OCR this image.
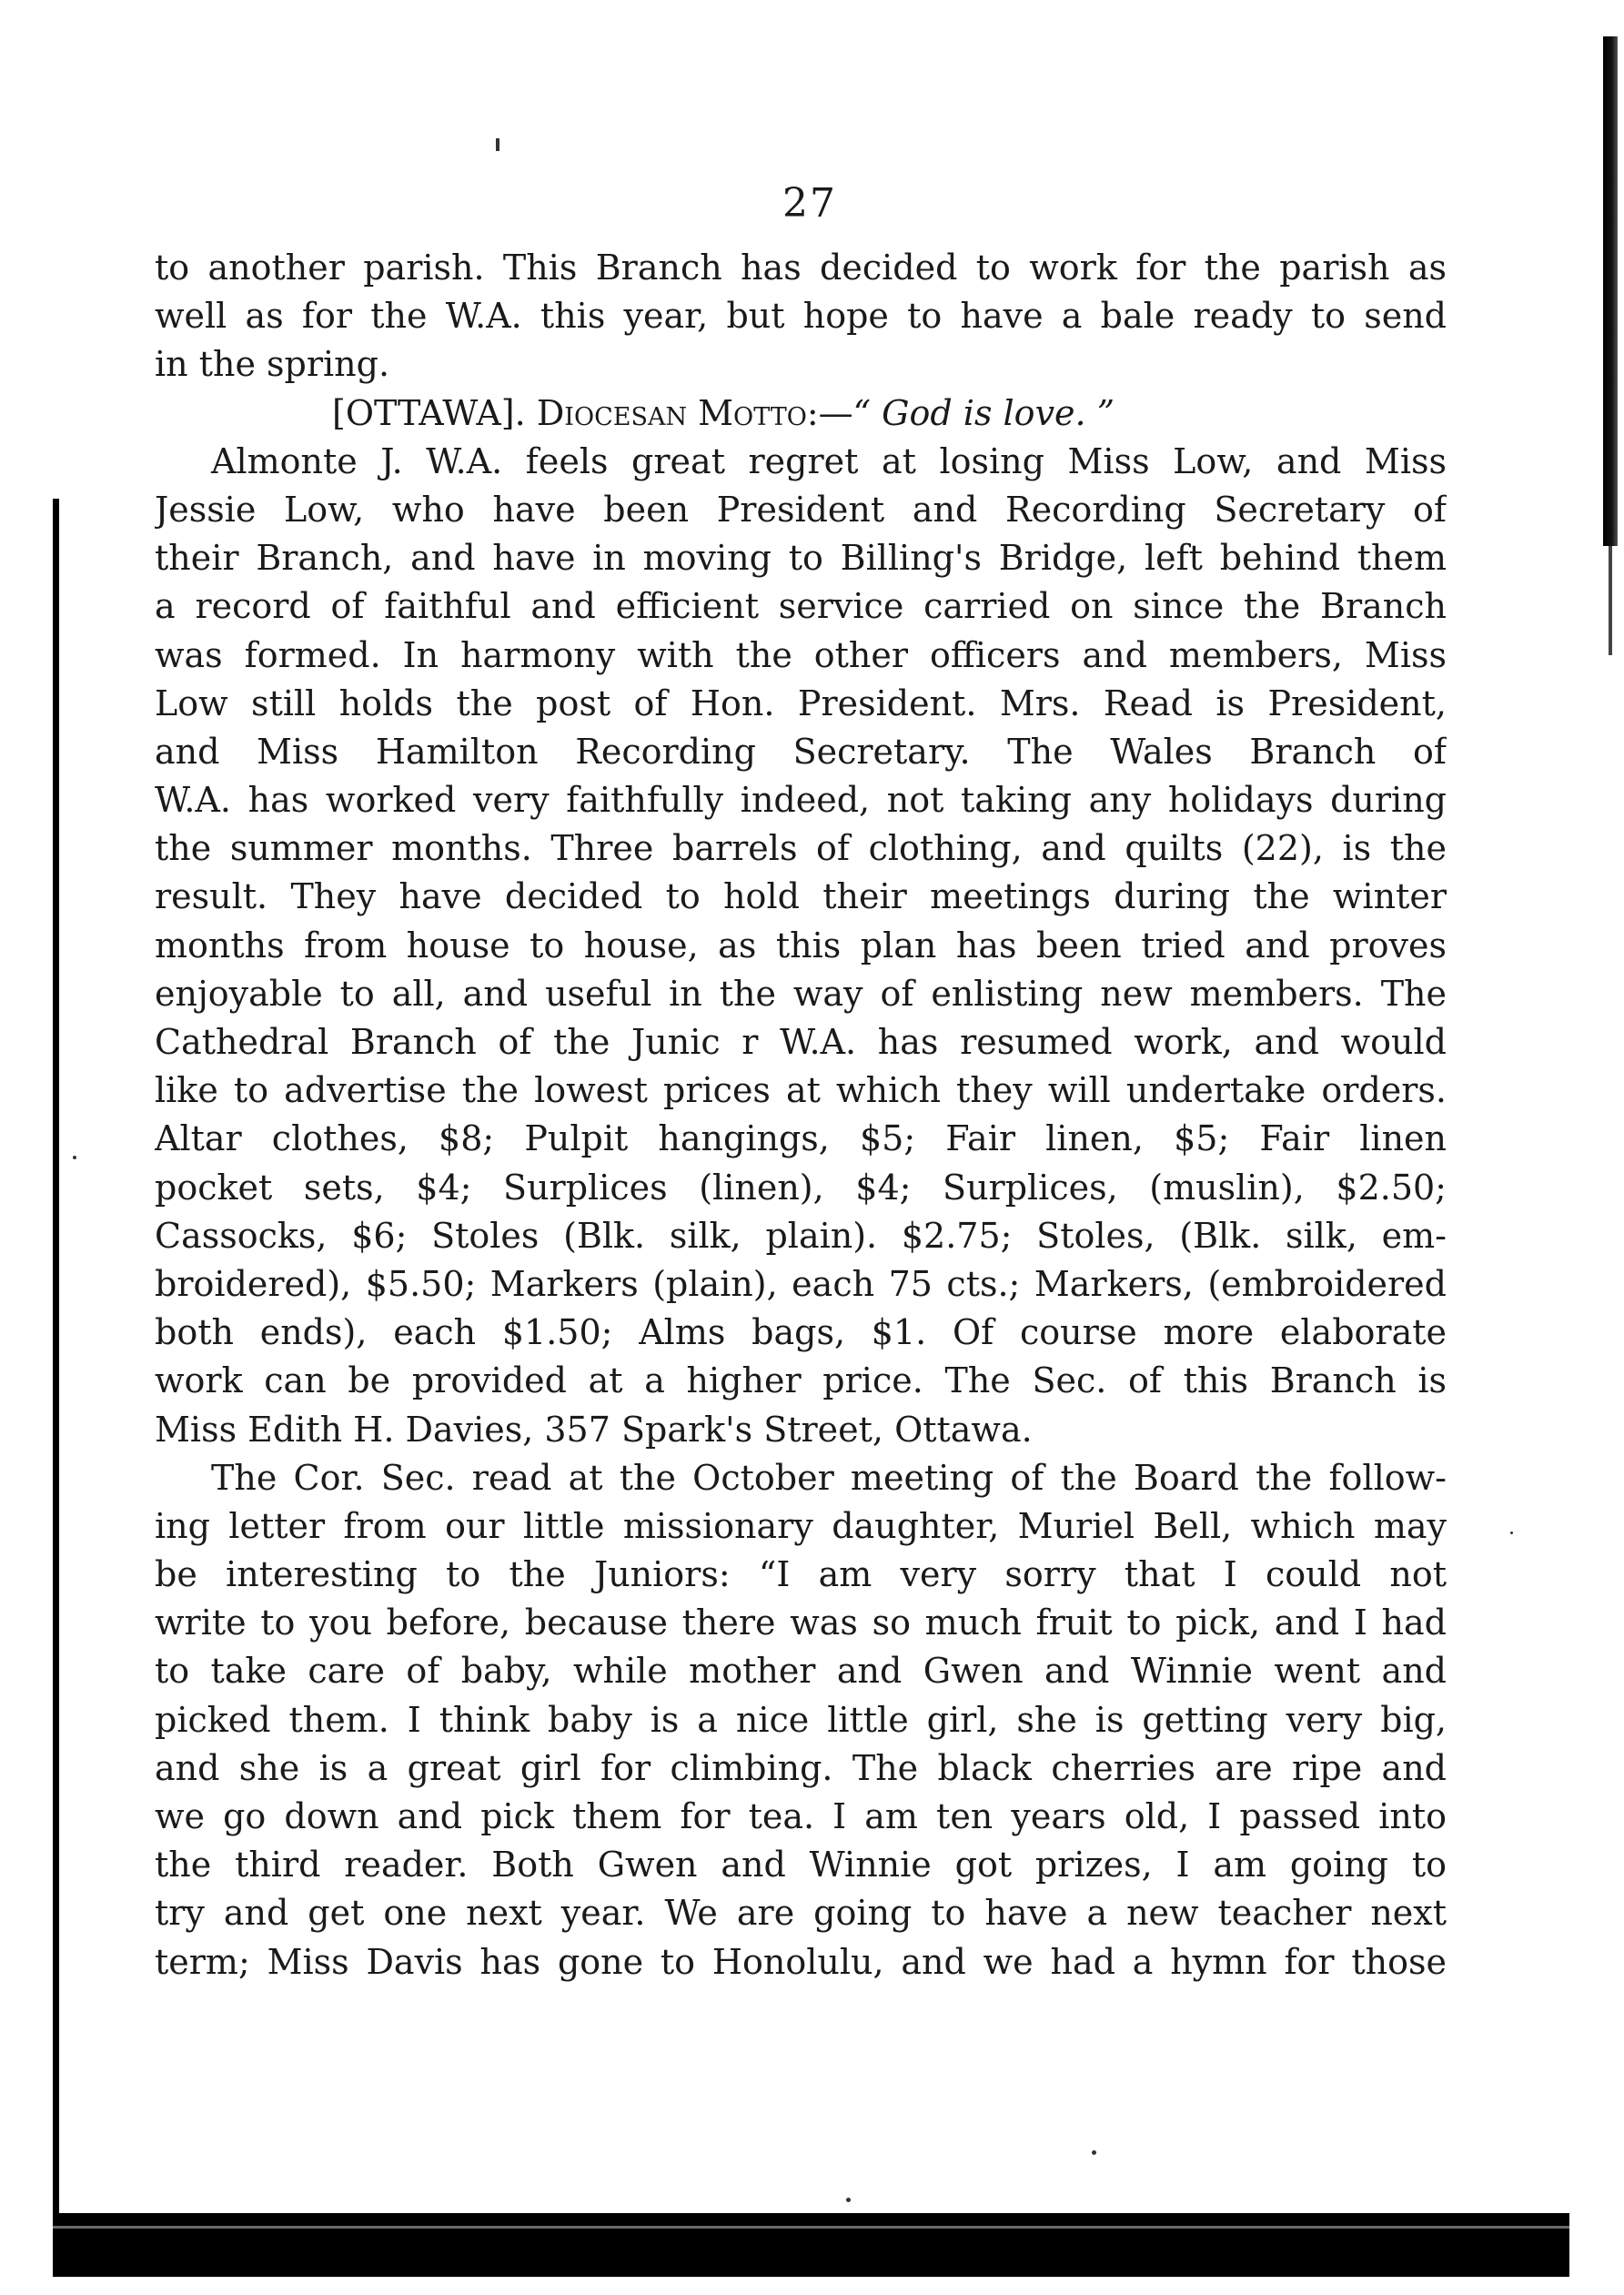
27
to another parish. This Branch has decided to work for the parish as
well as for the W.A. this year, but hope to have a bale ready to send
in the spring.
[OTTAWA]. Diocesan Motto:—“ God is love. ”
Almonte J. W.A. feels great regret at losing Miss Low, and Miss
Jessie Low, who have been President and Recording Secretary of
their Branch, and have in moving to Billing's Bridge, left behind them
a record of faithful and efficient service carried on since the Branch
was formed. In harmony with the other officers and members, Miss
Low still holds the post of Hon. President. Mrs. Read is President,
and Miss Hamilton Recording Secretary. The Wales Branch of
W.A. has worked very faithfully indeed, not taking any holidays during
the summer months. Three barrels of clothing, and quilts (22), is the
result. They have decided to hold their meetings during the winter
months from house to house, as this plan has been tried and proves
enjoyable to all, and useful in the way of enlisting new members. The
Cathedral Branch of the Junic r W.A. has resumed work, and would
like to advertise the lowest prices at which they will undertake orders.
Altar clothes, $8; Pulpit hangings, $5; Fair linen, $5; Fair linen
pocket sets, $4; Surplices (linen), $4; Surplices, (muslin), $2.50;
Cassocks, $6; Stoles (Blk. silk, plain). $2.75; Stoles, (Blk. silk, em-
broidered), $5.50; Markers (plain), each 75 cts.; Markers, (embroidered
both ends), each $1.50; Alms bags, $1. Of course more elaborate
work can be provided at a higher price. The Sec. of this Branch is
Miss Edith H. Davies, 357 Spark's Street, Ottawa.
The Cor. Sec. read at the October meeting of the Board the follow-
ing letter from our little missionary daughter, Muriel Bell, which may
be interesting to the Juniors: “I am very sorry that I could not
write to you before, because there was so much fruit to pick, and I had
to take care of baby, while mother and Gwen and Winnie went and
picked them. I think baby is a nice little girl, she is getting very big,
and she is a great girl for climbing. The black cherries are ripe and
we go down and pick them for tea. I am ten years old, I passed into
the third reader. Both Gwen and Winnie got prizes, I am going to
try and get one next year. We are going to have a new teacher next
term; Miss Davis has gone to Honolulu, and we had a hymn for those
